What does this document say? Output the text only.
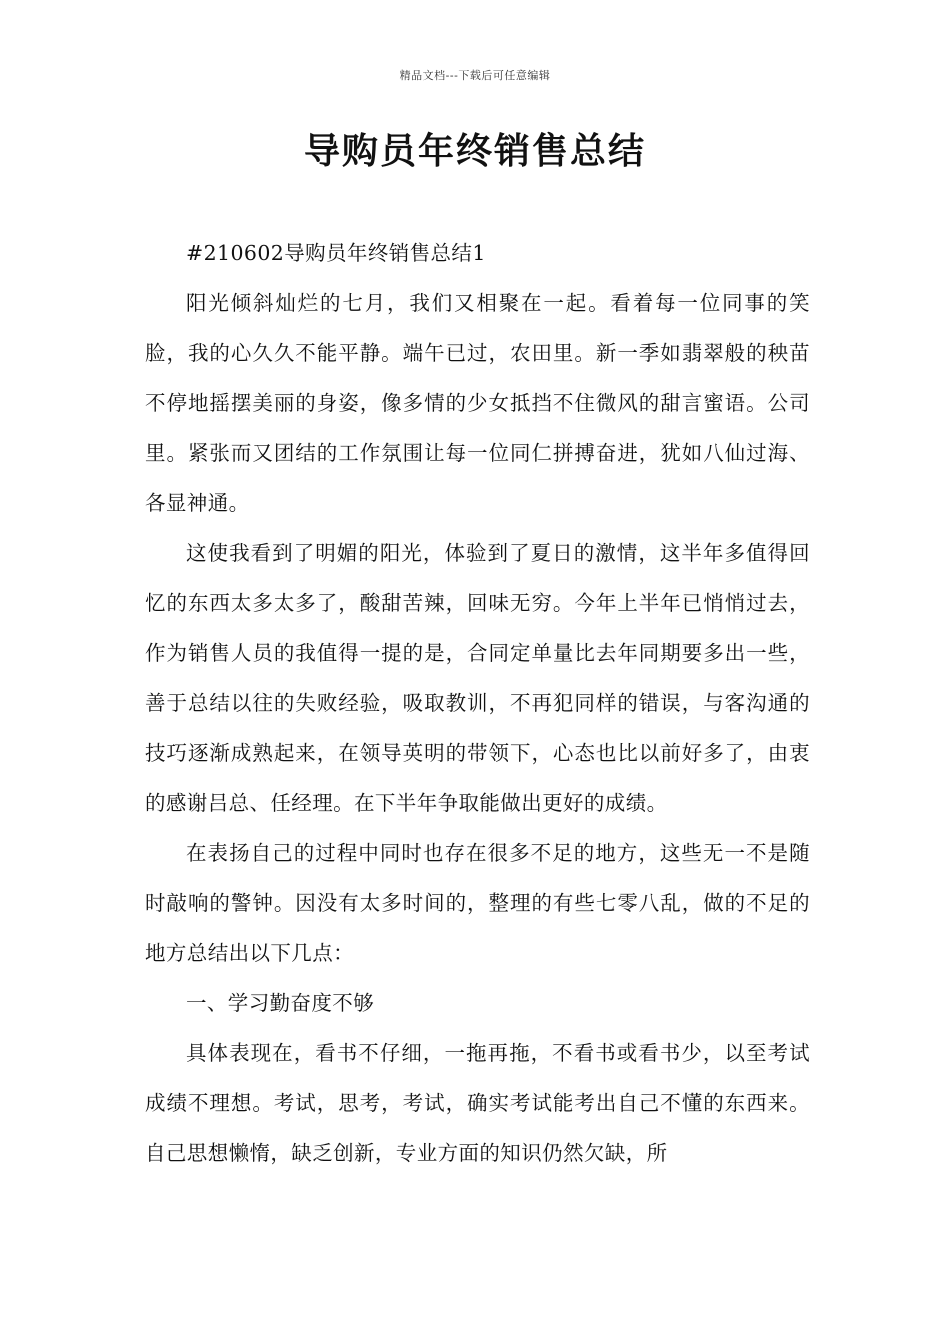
精品文档---下载后可任意编辑
导购员年终销售总结

#210602导购员年终销售总结1

阳光倾斜灿烂的七月，我们又相聚在一起。看着每一位同事的笑脸，我的心久久不能平静。端午已过，农田里。新一季如翡翠般的秧苗不停地摇摆美丽的身姿，像多情的少女抵挡不住微风的甜言蜜语。公司里。紧张而又团结的工作氛围让每一位同仁拼搏奋进，犹如八仙过海、各显神通。

这使我看到了明媚的阳光，体验到了夏日的激情，这半年多值得回忆的东西太多太多了，酸甜苦辣，回味无穷。今年上半年已悄悄过去，作为销售人员的我值得一提的是，合同定单量比去年同期要多出一些，善于总结以往的失败经验，吸取教训，不再犯同样的错误，与客沟通的技巧逐渐成熟起来，在领导英明的带领下，心态也比以前好多了，由衷的感谢吕总、任经理。在下半年争取能做出更好的成绩。

在表扬自己的过程中同时也存在很多不足的地方，这些无一不是随时敲响的警钟。因没有太多时间的，整理的有些七零八乱，做的不足的地方总结出以下几点：

一、学习勤奋度不够

具体表现在，看书不仔细，一拖再拖，不看书或看书少，以至考试成绩不理想。考试，思考，考试，确实考试能考出自己不懂的东西来。自己思想懒惰，缺乏创新，专业方面的知识仍然欠缺，所
